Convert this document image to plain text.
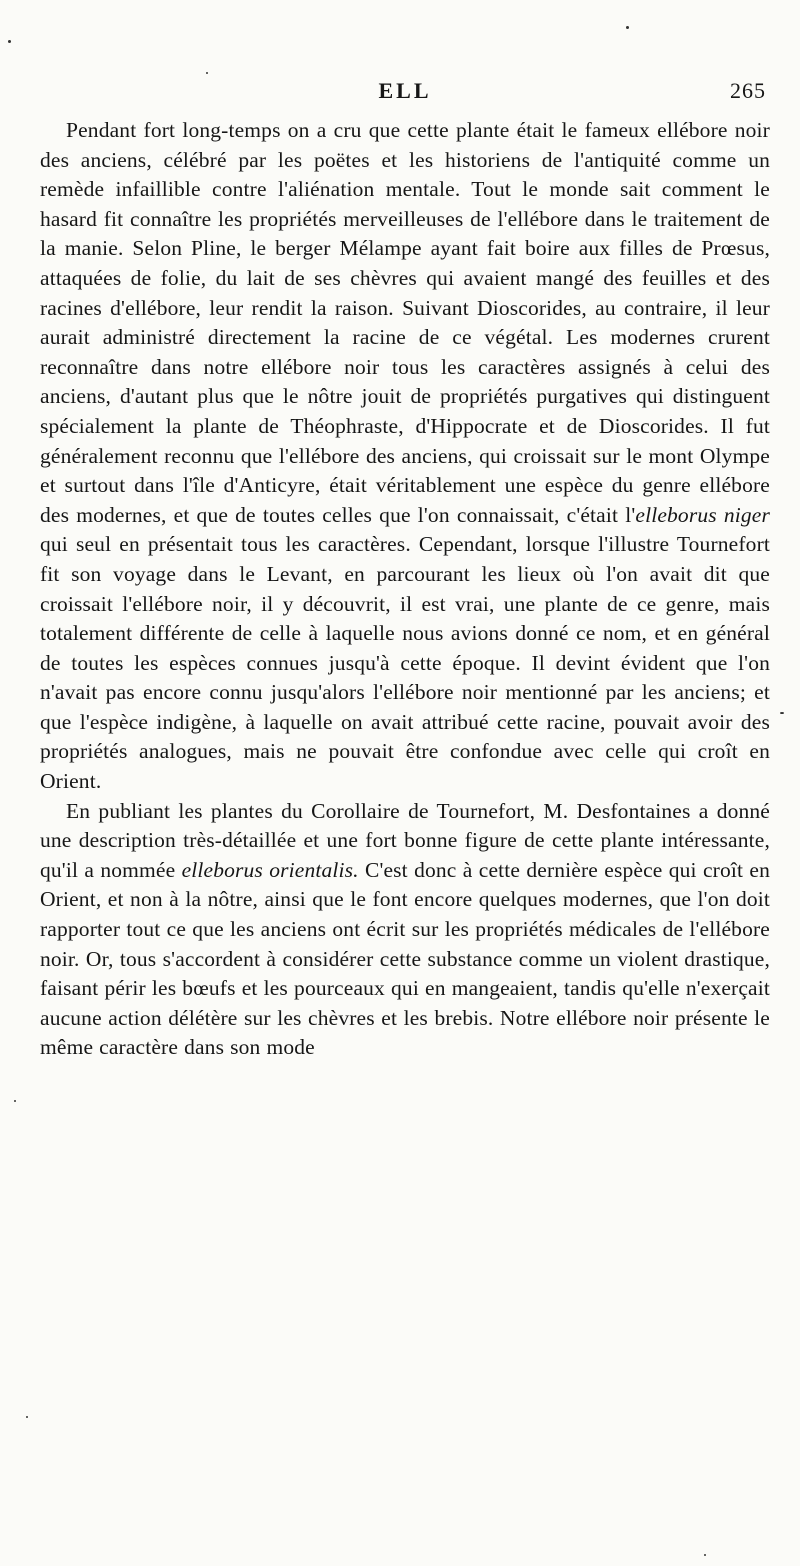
ELL	265

Pendant fort long-temps on a cru que cette plante était le fameux ellébore noir des anciens, célébré par les poëtes et les historiens de l'antiquité comme un remède infaillible contre l'aliénation mentale. Tout le monde sait comment le hasard fit connaître les propriétés merveilleuses de l'ellébore dans le traitement de la manie. Selon Pline, le berger Mélampe ayant fait boire aux filles de Prœsus, attaquées de folie, du lait de ses chèvres qui avaient mangé des feuilles et des racines d'ellébore, leur rendit la raison. Suivant Dioscorides, au contraire, il leur aurait administré directement la racine de ce végétal. Les modernes crurent reconnaître dans notre ellébore noir tous les caractères assignés à celui des anciens, d'autant plus que le nôtre jouit de propriétés purgatives qui distinguent spécialement la plante de Théophraste, d'Hippocrate et de Dioscorides. Il fut généralement reconnu que l'ellébore des anciens, qui croissait sur le mont Olympe et surtout dans l'île d'Anticyre, était véritablement une espèce du genre ellébore des modernes, et que de toutes celles que l'on connaissait, c'était l'elleborus niger qui seul en présentait tous les caractères. Cependant, lorsque l'illustre Tournefort fit son voyage dans le Levant, en parcourant les lieux où l'on avait dit que croissait l'ellébore noir, il y découvrit, il est vrai, une plante de ce genre, mais totalement différente de celle à laquelle nous avions donné ce nom, et en général de toutes les espèces connues jusqu'à cette époque. Il devint évident que l'on n'avait pas encore connu jusqu'alors l'ellébore noir mentionné par les anciens; et que l'espèce indigène, à laquelle on avait attribué cette racine, pouvait avoir des propriétés analogues, mais ne pouvait être confondue avec celle qui croît en Orient.

En publiant les plantes du Corollaire de Tournefort, M. Desfontaines a donné une description très-détaillée et une fort bonne figure de cette plante intéressante, qu'il a nommée elleborus orientalis. C'est donc à cette dernière espèce qui croît en Orient, et non à la nôtre, ainsi que le font encore quelques modernes, que l'on doit rapporter tout ce que les anciens ont écrit sur les propriétés médicales de l'ellébore noir. Or, tous s'accordent à considérer cette substance comme un violent drastique, faisant périr les bœufs et les pourceaux qui en mangeaient, tandis qu'elle n'exerçait aucune action délétère sur les chèvres et les brebis. Notre ellébore noir présente le même caractère dans son mode
